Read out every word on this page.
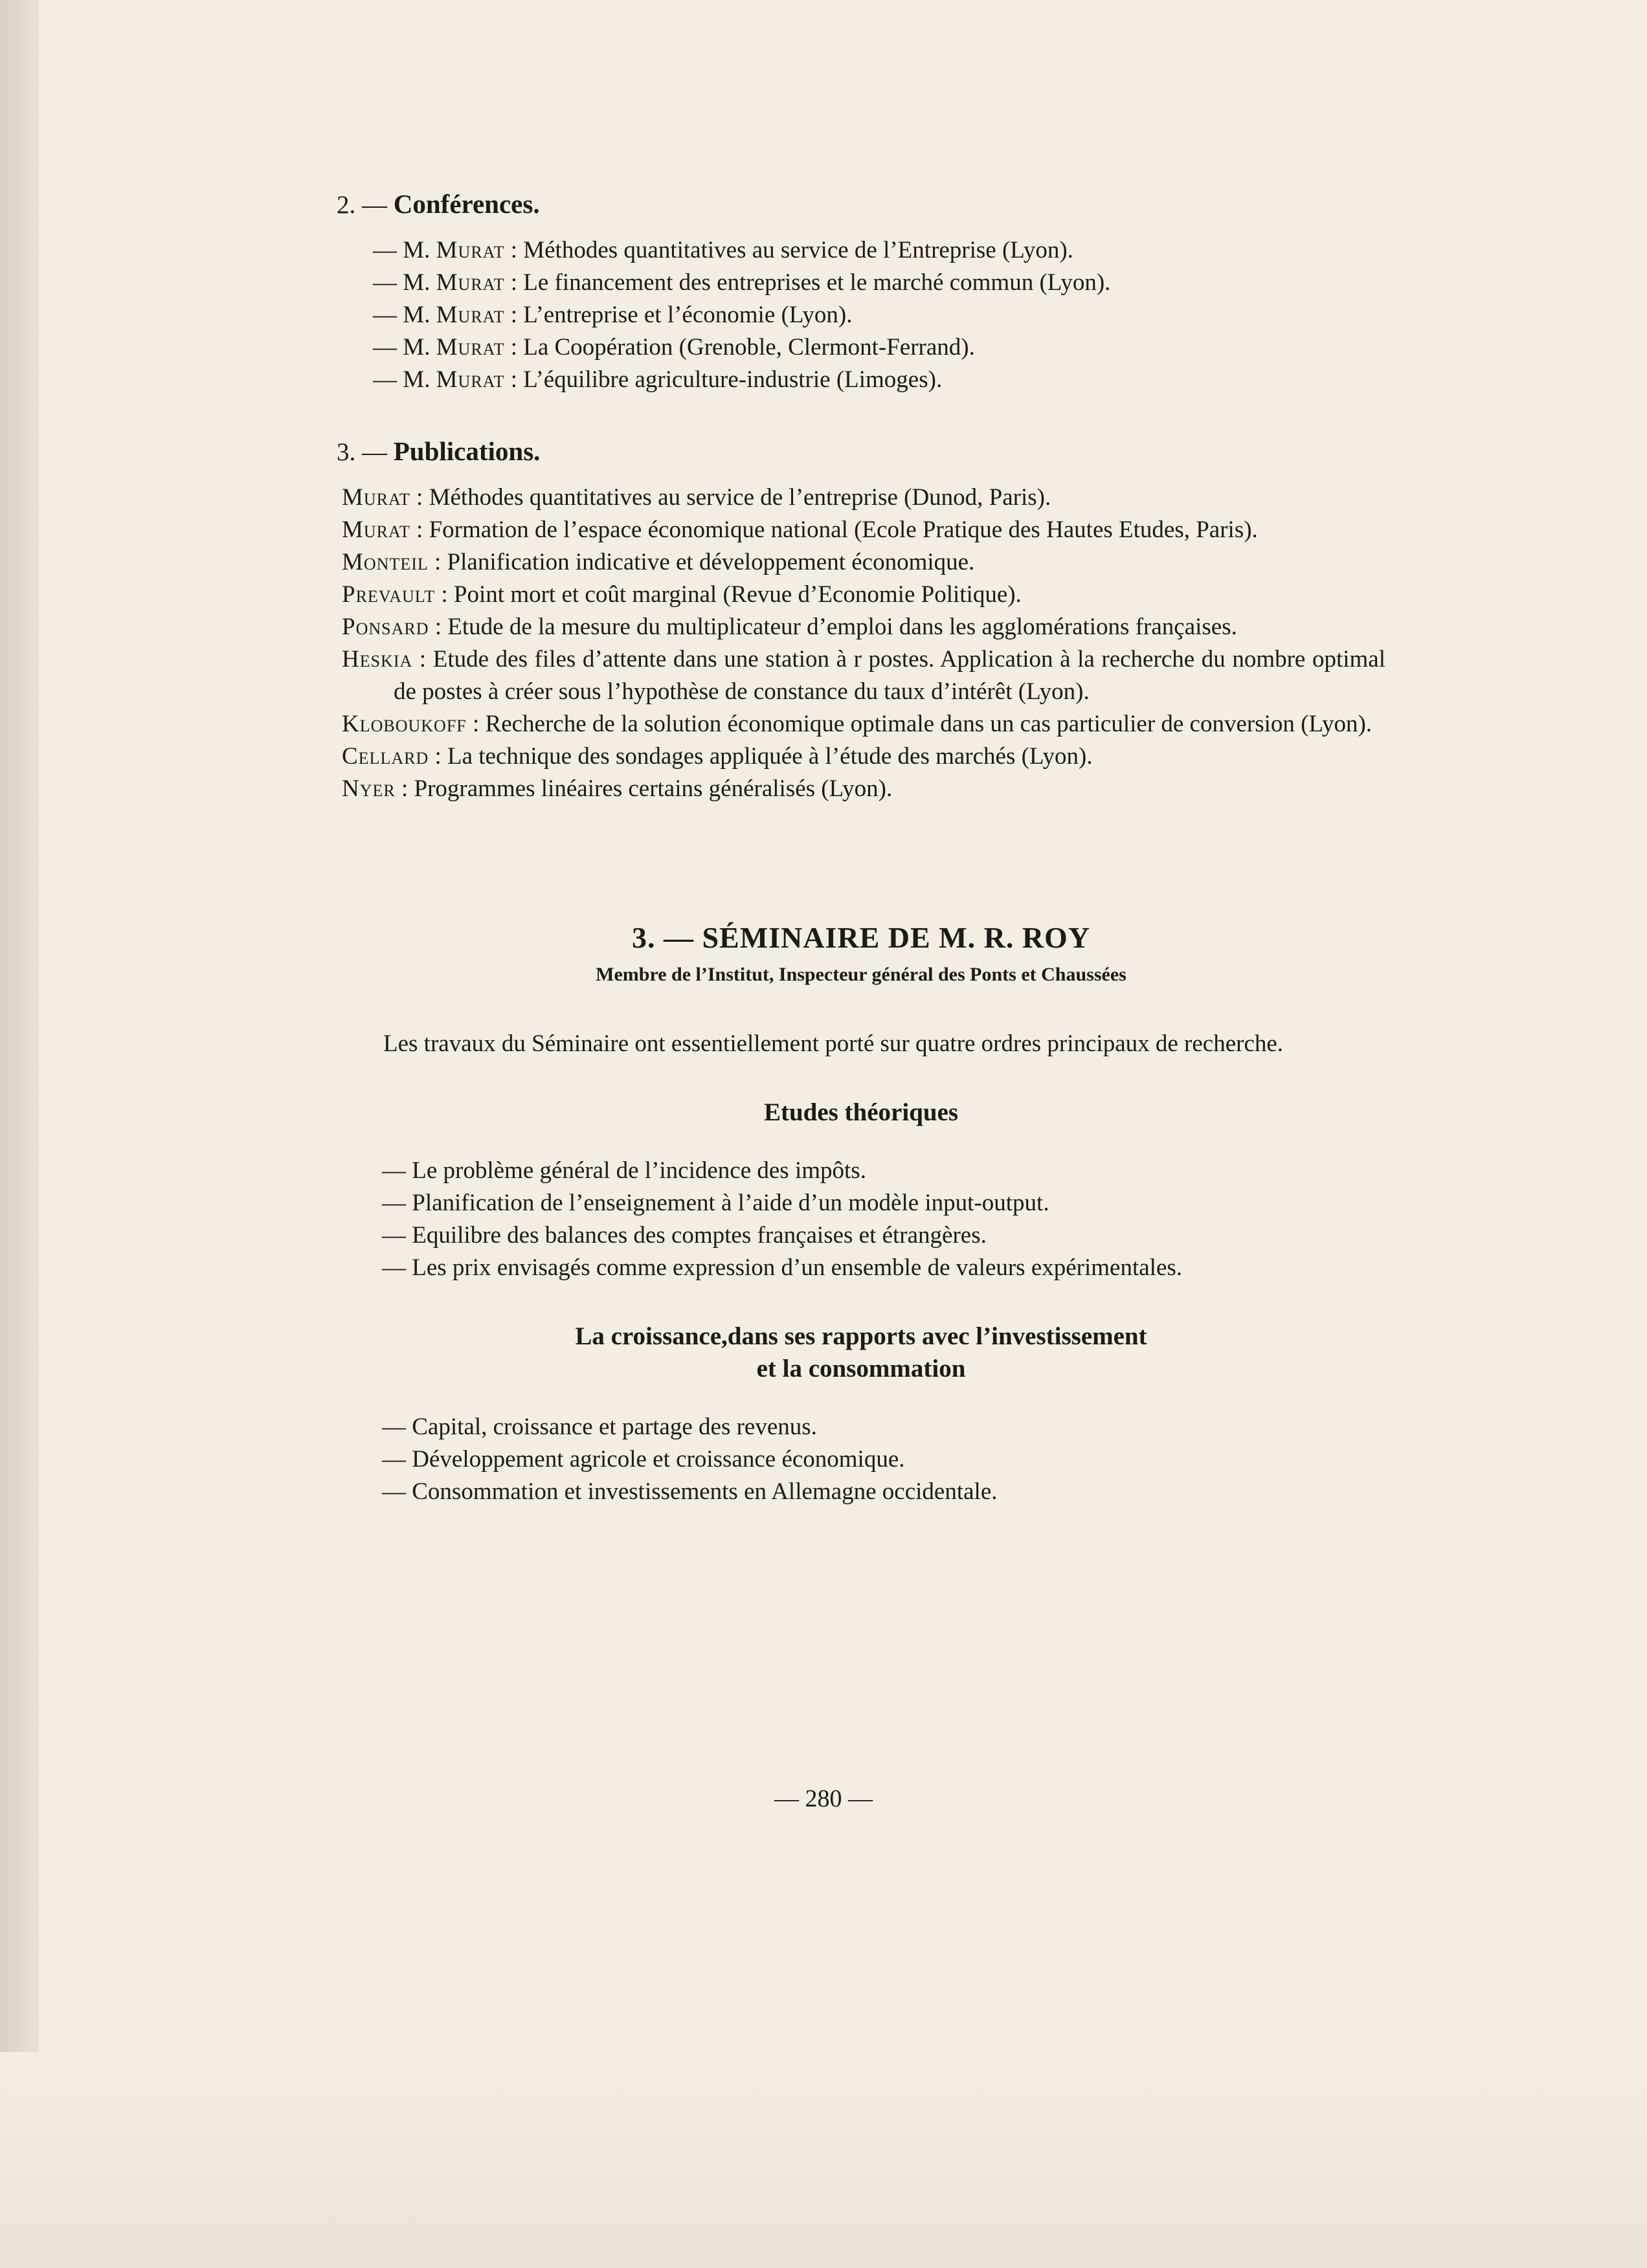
2. — Conférences.
— M. Murat : Méthodes quantitatives au service de l’Entreprise (Lyon).
— M. Murat : Le financement des entreprises et le marché commun (Lyon).
— M. Murat : L’entreprise et l’économie (Lyon).
— M. Murat : La Coopération (Grenoble, Clermont-Ferrand).
— M. Murat : L’équilibre agriculture-industrie (Limoges).
3. — Publications.
Murat : Méthodes quantitatives au service de l’entreprise (Dunod, Paris).
Murat : Formation de l’espace économique national (Ecole Pratique des Hautes Etudes, Paris).
Monteil : Planification indicative et développement économique.
Prevault : Point mort et coût marginal (Revue d’Economie Politique).
Ponsard : Etude de la mesure du multiplicateur d’emploi dans les agglomérations françaises.
Heskia : Etude des files d’attente dans une station à r postes. Application à la recherche du nombre optimal de postes à créer sous l’hypothèse de constance du taux d’intérêt (Lyon).
Kloboukoff : Recherche de la solution économique optimale dans un cas particulier de conversion (Lyon).
Cellard : La technique des sondages appliquée à l’étude des marchés (Lyon).
Nyer : Programmes linéaires certains généralisés (Lyon).
3. — SÉMINAIRE DE M. R. ROY
Membre de l’Institut, Inspecteur général des Ponts et Chaussées

Les travaux du Séminaire ont essentiellement porté sur quatre ordres principaux de recherche.

Etudes théoriques
— Le problème général de l’incidence des impôts.
— Planification de l’enseignement à l’aide d’un modèle input-output.
— Equilibre des balances des comptes françaises et étrangères.
— Les prix envisagés comme expression d’un ensemble de valeurs expérimentales.
La croissance,dans ses rapports avec l’investissement
et la consommation
— Capital, croissance et partage des revenus.
— Développement agricole et croissance économique.
— Consommation et investissements en Allemagne occidentale.
— 280 —
